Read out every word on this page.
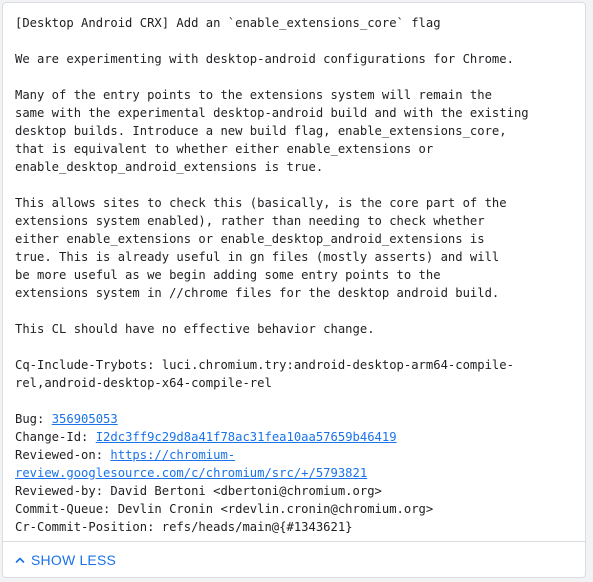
[Desktop Android CRX] Add an `enable_extensions_core` flag

We are experimenting with desktop-android configurations for Chrome.

Many of the entry points to the extensions system will remain the
same with the experimental desktop-android build and with the existing
desktop builds. Introduce a new build flag, enable_extensions_core,
that is equivalent to whether either enable_extensions or
enable_desktop_android_extensions is true.

This allows sites to check this (basically, is the core part of the
extensions system enabled), rather than needing to check whether
either enable_extensions or enable_desktop_android_extensions is
true. This is already useful in gn files (mostly asserts) and will
be more useful as we begin adding some entry points to the
extensions system in //chrome files for the desktop android build.

This CL should have no effective behavior change.

Cq-Include-Trybots: luci.chromium.try:android-desktop-arm64-compile-
rel,android-desktop-x64-compile-rel

Bug: 356905053
Change-Id: I2dc3ff9c29d8a41f78ac31fea10aa57659b46419
Reviewed-on: https://chromium-
review.googlesource.com/c/chromium/src/+/5793821
Reviewed-by: David Bertoni <dbertoni@chromium.org>
Commit-Queue: Devlin Cronin <rdevlin.cronin@chromium.org>
Cr-Commit-Position: refs/heads/main@{#1343621}
SHOW LESS
